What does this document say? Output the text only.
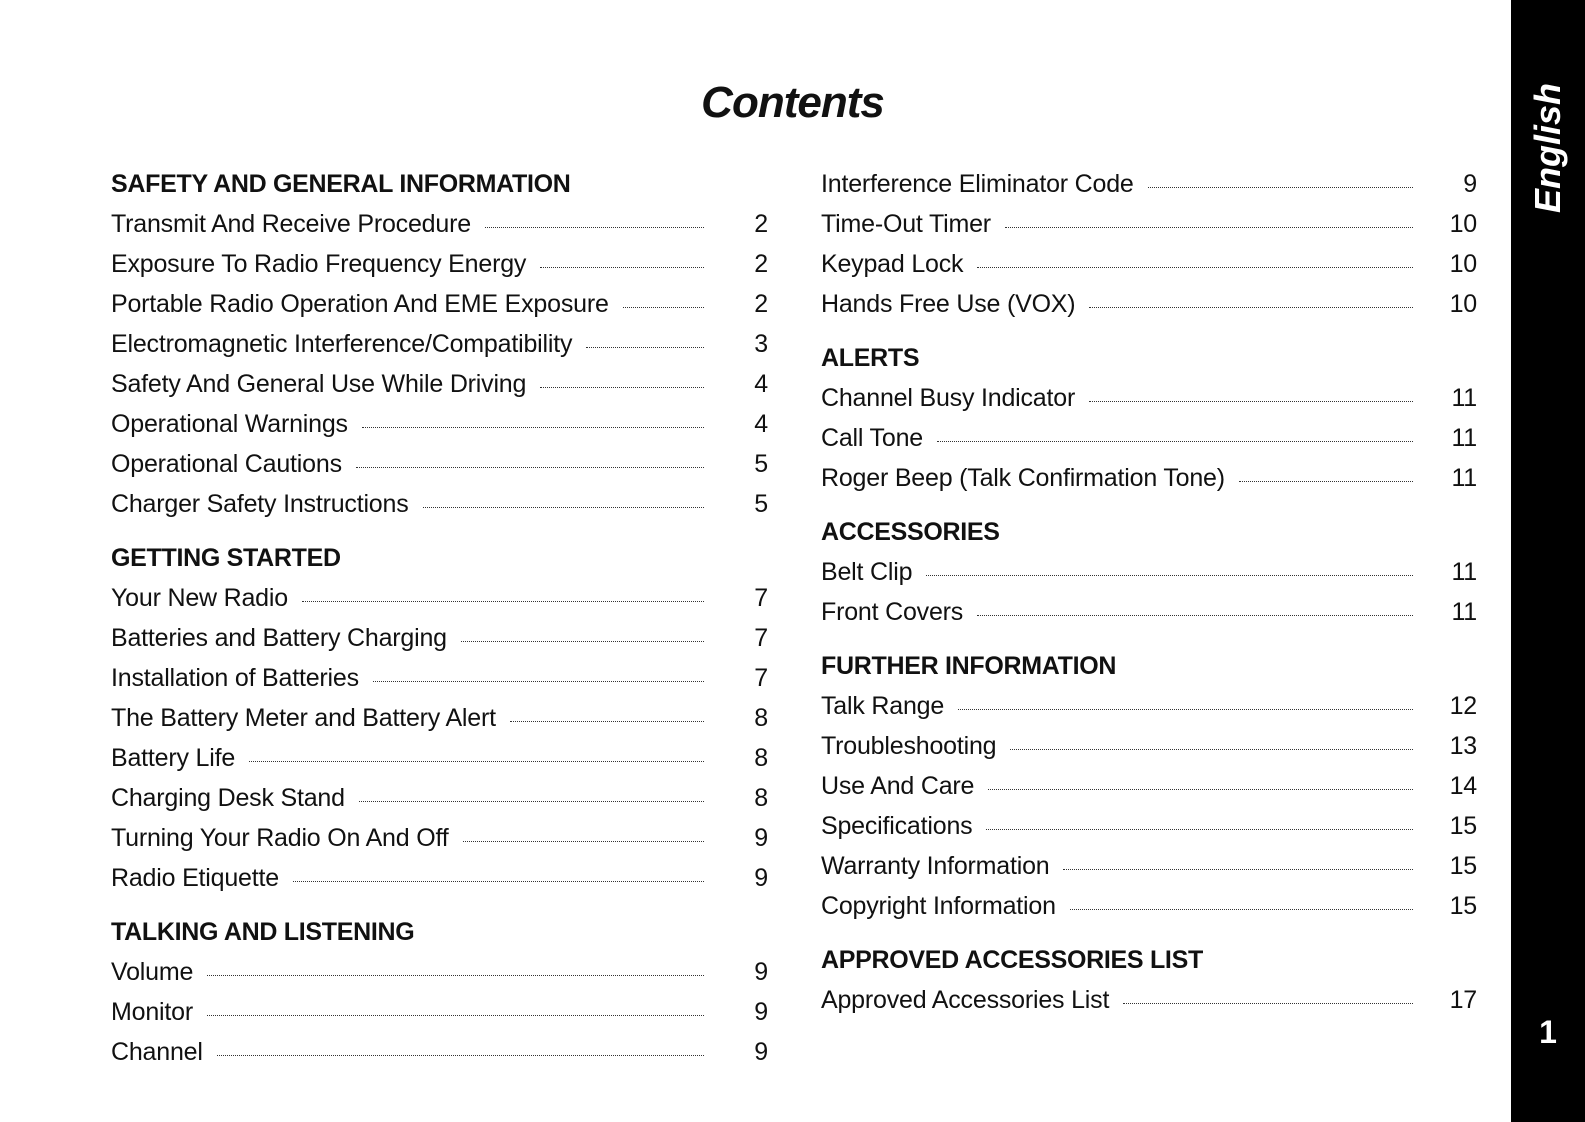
Contents
SAFETY AND GENERAL INFORMATION
Transmit And Receive Procedure	2
Exposure To Radio Frequency Energy	2
Portable Radio Operation And EME Exposure	2
Electromagnetic Interference/Compatibility	3
Safety And General Use While Driving	4
Operational Warnings	4
Operational Cautions	5
Charger Safety Instructions	5
GETTING STARTED
Your New Radio	7
Batteries and Battery Charging	7
Installation of Batteries	7
The Battery Meter and Battery Alert	8
Battery Life	8
Charging Desk Stand	8
Turning Your Radio On And Off	9
Radio Etiquette	9
TALKING AND LISTENING
Volume	9
Monitor	9
Channel	9
Interference Eliminator Code	9
Time-Out Timer	10
Keypad Lock	10
Hands Free Use (VOX)	10
ALERTS
Channel Busy Indicator	11
Call Tone	11
Roger Beep (Talk Confirmation Tone)	11
ACCESSORIES
Belt Clip	11
Front Covers	11
FURTHER INFORMATION
Talk Range	12
Troubleshooting	13
Use And Care	14
Specifications	15
Warranty Information	15
Copyright Information	15
APPROVED ACCESSORIES LIST
Approved Accessories List	17
English
1
